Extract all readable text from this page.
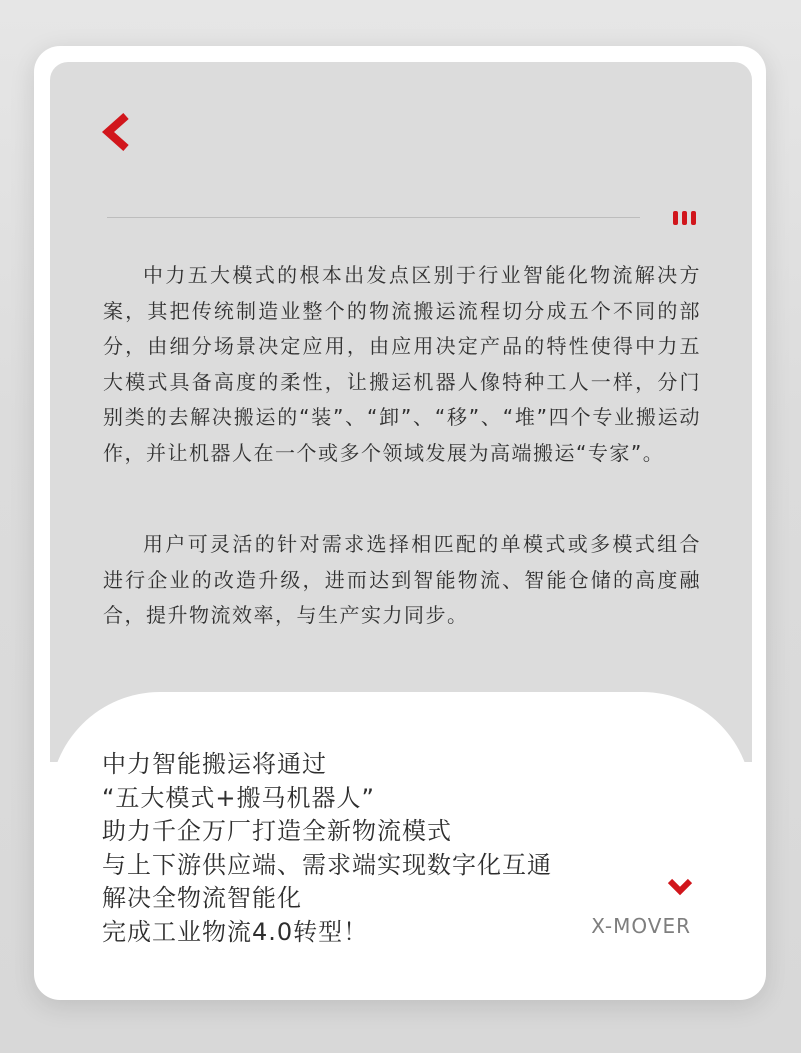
中力五大模式的根本出发点区别于行业智能化物流解决方案，其把传统制造业整个的物流搬运流程切分成五个不同的部分，由细分场景决定应用，由应用决定产品的特性使得中力五大模式具备高度的柔性，让搬运机器人像特种工人一样，分门别类的去解决搬运的“装”、“卸”、“移”、“堆”四个专业搬运动作，并让机器人在一个或多个领域发展为高端搬运“专家”。

用户可灵活的针对需求选择相匹配的单模式或多模式组合进行企业的改造升级，进而达到智能物流、智能仓储的高度融合，提升物流效率，与生产实力同步。

中力智能搬运将通过
“五大模式+搬马机器人”
助力千企万厂打造全新物流模式
与上下游供应端、需求端实现数字化互通
解决全物流智能化
完成工业物流4.0转型！	X-MOVER
